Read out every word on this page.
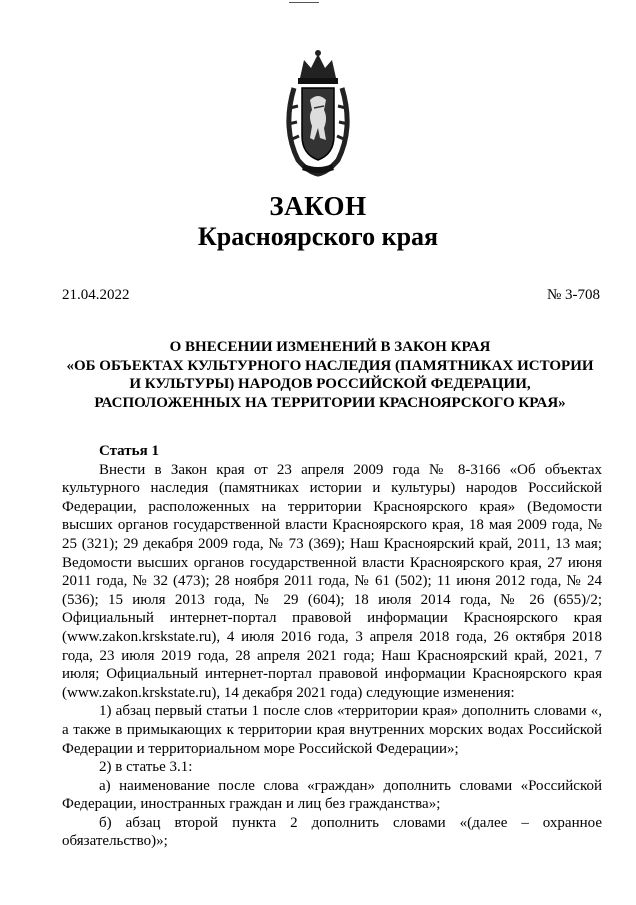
ЗАКОН
Красноярского края
21.04.2022	№ 3-708
О ВНЕСЕНИИ ИЗМЕНЕНИЙ В ЗАКОН КРАЯ
«ОБ ОБЪЕКТАХ КУЛЬТУРНОГО НАСЛЕДИЯ (ПАМЯТНИКАХ ИСТОРИИ
И КУЛЬТУРЫ) НАРОДОВ РОССИЙСКОЙ ФЕДЕРАЦИИ,
РАСПОЛОЖЕННЫХ НА ТЕРРИТОРИИ КРАСНОЯРСКОГО КРАЯ»
Статья 1

Внести в Закон края от 23 апреля 2009 года № 8-3166 «Об объектах культурного наследия (памятниках истории и культуры) народов Российской Федерации, расположенных на территории Красноярского края» (Ведомости высших органов государственной власти Красноярского края, 18 мая 2009 года, № 25 (321); 29 декабря 2009 года, № 73 (369); Наш Красноярский край, 2011, 13 мая; Ведомости высших органов государственной власти Красноярского края, 27 июня 2011 года, № 32 (473); 28 ноября 2011 года, № 61 (502); 11 июня 2012 года, № 24 (536); 15 июля 2013 года, № 29 (604); 18 июля 2014 года, № 26 (655)/2; Официальный интернет-портал правовой информации Красноярского края (www.zakon.krskstate.ru), 4 июля 2016 года, 3 апреля 2018 года, 26 октября 2018 года, 23 июля 2019 года, 28 апреля 2021 года; Наш Красноярский край, 2021, 7 июля; Официальный интернет-портал правовой информации Красноярского края (www.zakon.krskstate.ru), 14 декабря 2021 года) следующие изменения:

1) абзац первый статьи 1 после слов «территории края» дополнить словами «, а также в примыкающих к территории края внутренних морских водах Российской Федерации и территориальном море Российской Федерации»;

2) в статье 3.1:

а) наименование после слова «граждан» дополнить словами «Российской Федерации, иностранных граждан и лиц без гражданства»;

б) абзац второй пункта 2 дополнить словами «(далее – охранное обязательство)»;
